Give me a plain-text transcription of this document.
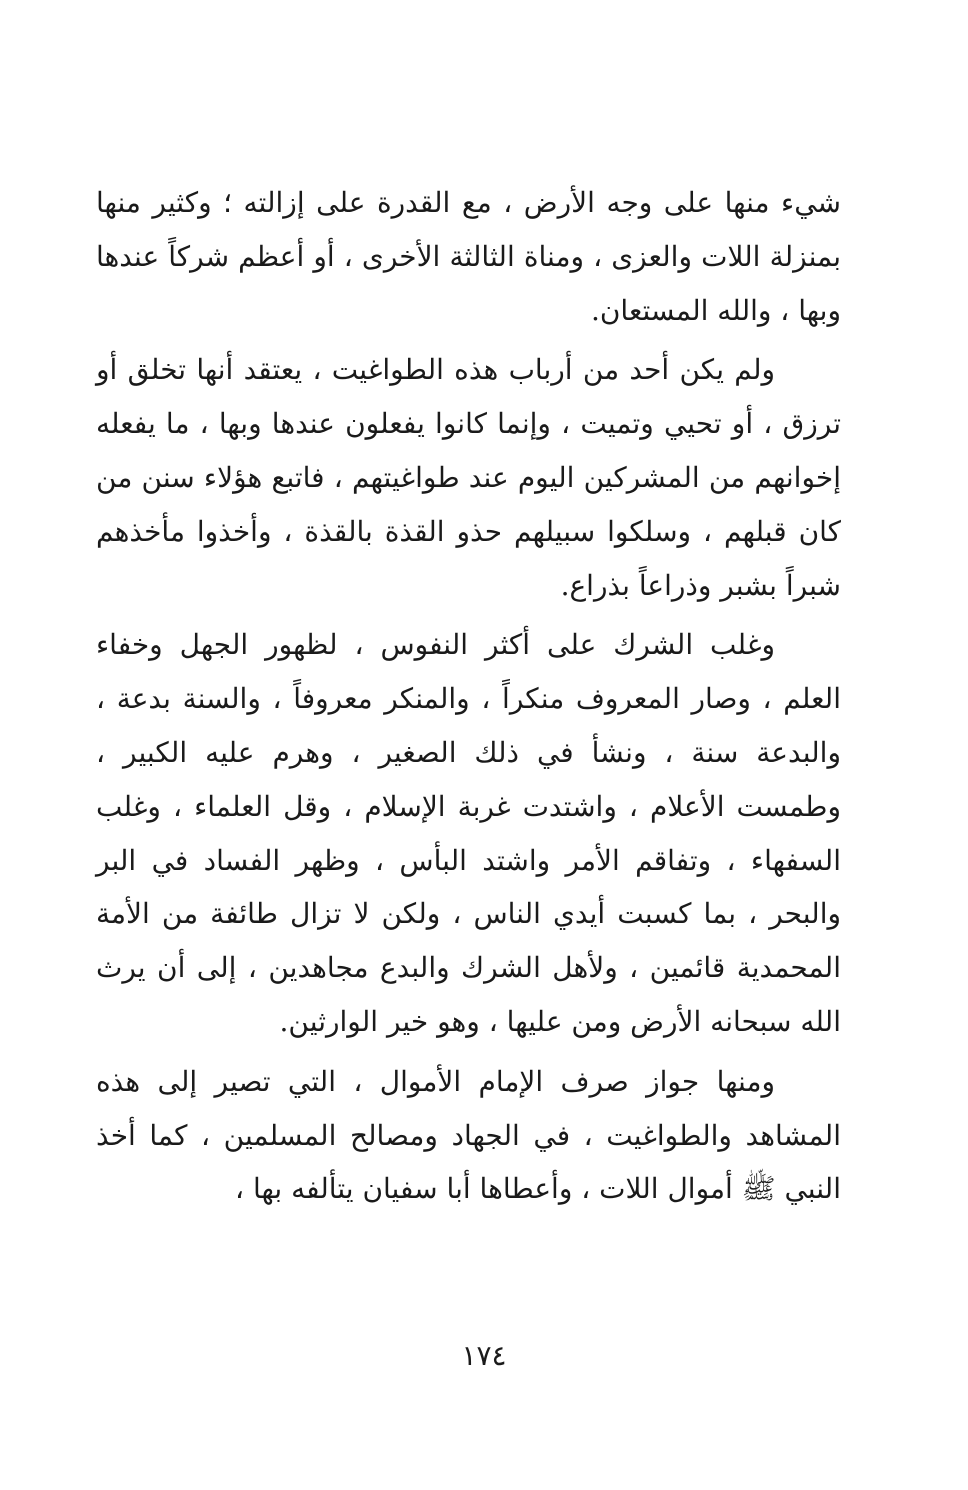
شيء منها على وجه الأرض ، مع القدرة على إزالته ؛ وكثير منها بمنزلة اللات والعزى ، ومناة الثالثة الأخرى ، أو أعظم شركاً عندها وبها ، والله المستعان.

ولم يكن أحد من أرباب هذه الطواغيت ، يعتقد أنها تخلق أو ترزق ، أو تحيي وتميت ، وإنما كانوا يفعلون عندها وبها ، ما يفعله إخوانهم من المشركين اليوم عند طواغيتهم ، فاتبع هؤلاء سنن من كان قبلهم ، وسلكوا سبيلهم حذو القذة بالقذة ، وأخذوا مأخذهم شبراً بشبر وذراعاً بذراع.

وغلب الشرك على أكثر النفوس ، لظهور الجهل وخفاء العلم ، وصار المعروف منكراً ، والمنكر معروفاً ، والسنة بدعة ، والبدعة سنة ، ونشأ في ذلك الصغير ، وهرم عليه الكبير ، وطمست الأعلام ، واشتدت غربة الإسلام ، وقل العلماء ، وغلب السفهاء ، وتفاقم الأمر واشتد البأس ، وظهر الفساد في البر والبحر ، بما كسبت أيدي الناس ، ولكن لا تزال طائفة من الأمة المحمدية قائمين ، ولأهل الشرك والبدع مجاهدين ، إلى أن يرث الله سبحانه الأرض ومن عليها ، وهو خير الوارثين.

ومنها جواز صرف الإمام الأموال ، التي تصير إلى هذه المشاهد والطواغيت ، في الجهاد ومصالح المسلمين ، كما أخذ النبي ﷺ أموال اللات ، وأعطاها أبا سفيان يتألفه بها ،

١٧٤
